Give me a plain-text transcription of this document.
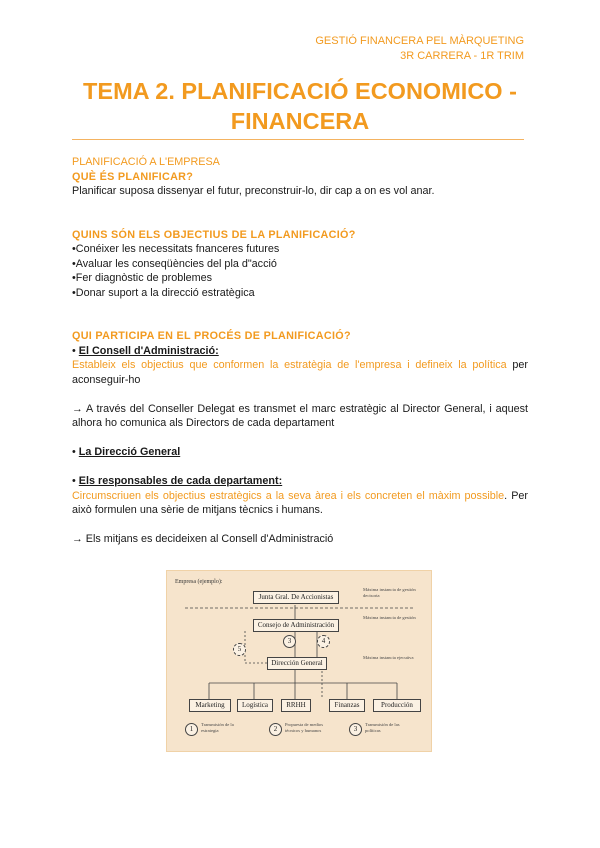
GESTIÓ FINANCERA PEL MÀRQUETING
3R CARRERA - 1R TRIM
TEMA 2. PLANIFICACIÓ ECONOMICO -
FINANCERA
PLANIFICACIÓ A L'EMPRESA
QUÈ ÉS PLANIFICAR?
Planificar suposa dissenyar el futur, preconstruir-lo, dir cap a on es vol anar.
QUINS SÓN ELS OBJECTIUS DE LA PLANIFICACIÓ?
• Conéixer les necessitats fnanceres futures
• Avaluar les conseqüències del pla d"acció
• Fer diagnòstic de problemes
• Donar suport a la direcció estratègica
QUI PARTICIPA EN EL PROCÉS DE PLANIFICACIÓ?
• El Consell d'Administració:
Estableix els objectius que conformen la estratègia de l'empresa i defineix la política per aconseguir-ho
→ A través del Conseller Delegat es transmet el marc estratègic al Director General, i aquest alhora ho comunica als Directors de cada departament
• La Direcció General
• Els responsables de cada departament:
Circumscriuen els objectius estratègics a la seva àrea i els concreten el màxim possible. Per això formulen una sèrie de mitjans tècnics i humans.
→ Els mitjans es decideixen al Consell d'Administració
Empresa (ejemplo):
Junta Gral. De Accionistas
Consejo de Administración
Dirección General
Marketing	Logística	RRHH	Finanzas	Producción
Máxima instancia de gestión decisoria
Máxima instancia de gestión
Máxima instancia ejecutiva
5
3	4
1
Transmisión de la estrategia	2
Propuesta de medios técnicos y humanos	3
Transmisión de las políticas
